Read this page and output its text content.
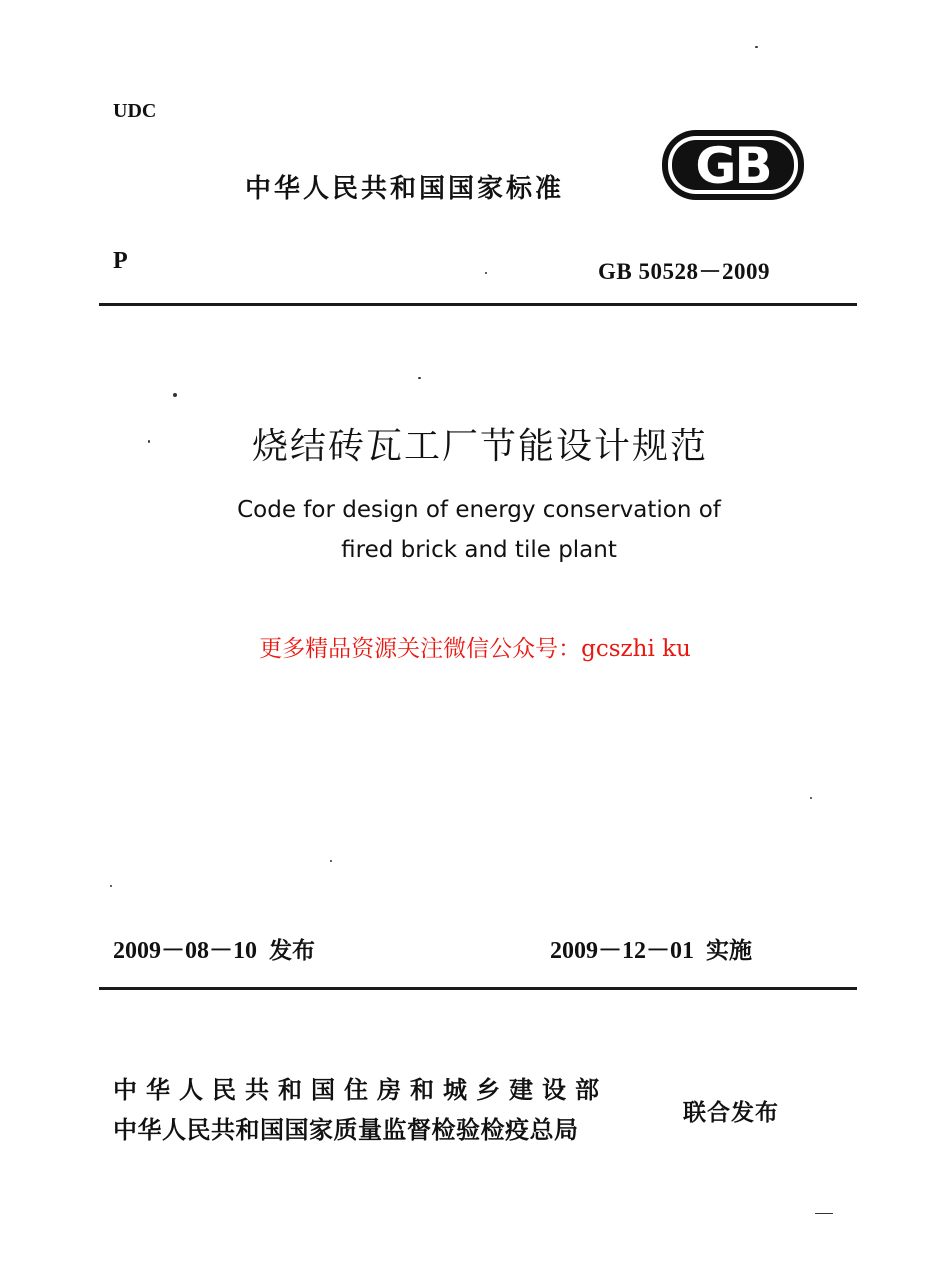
UDC
中华人民共和国国家标准	GB
P	GB 50528－2009
烧结砖瓦工厂节能设计规范
Code for design of energy conservation of
fired brick and tile plant
更多精品资源关注微信公众号：gcszhi ku
2009－08－10 发布	2009－12－01 实施
中华人民共和国住房和城乡建设部
中华人民共和国国家质量监督检验检疫总局
联合发布
